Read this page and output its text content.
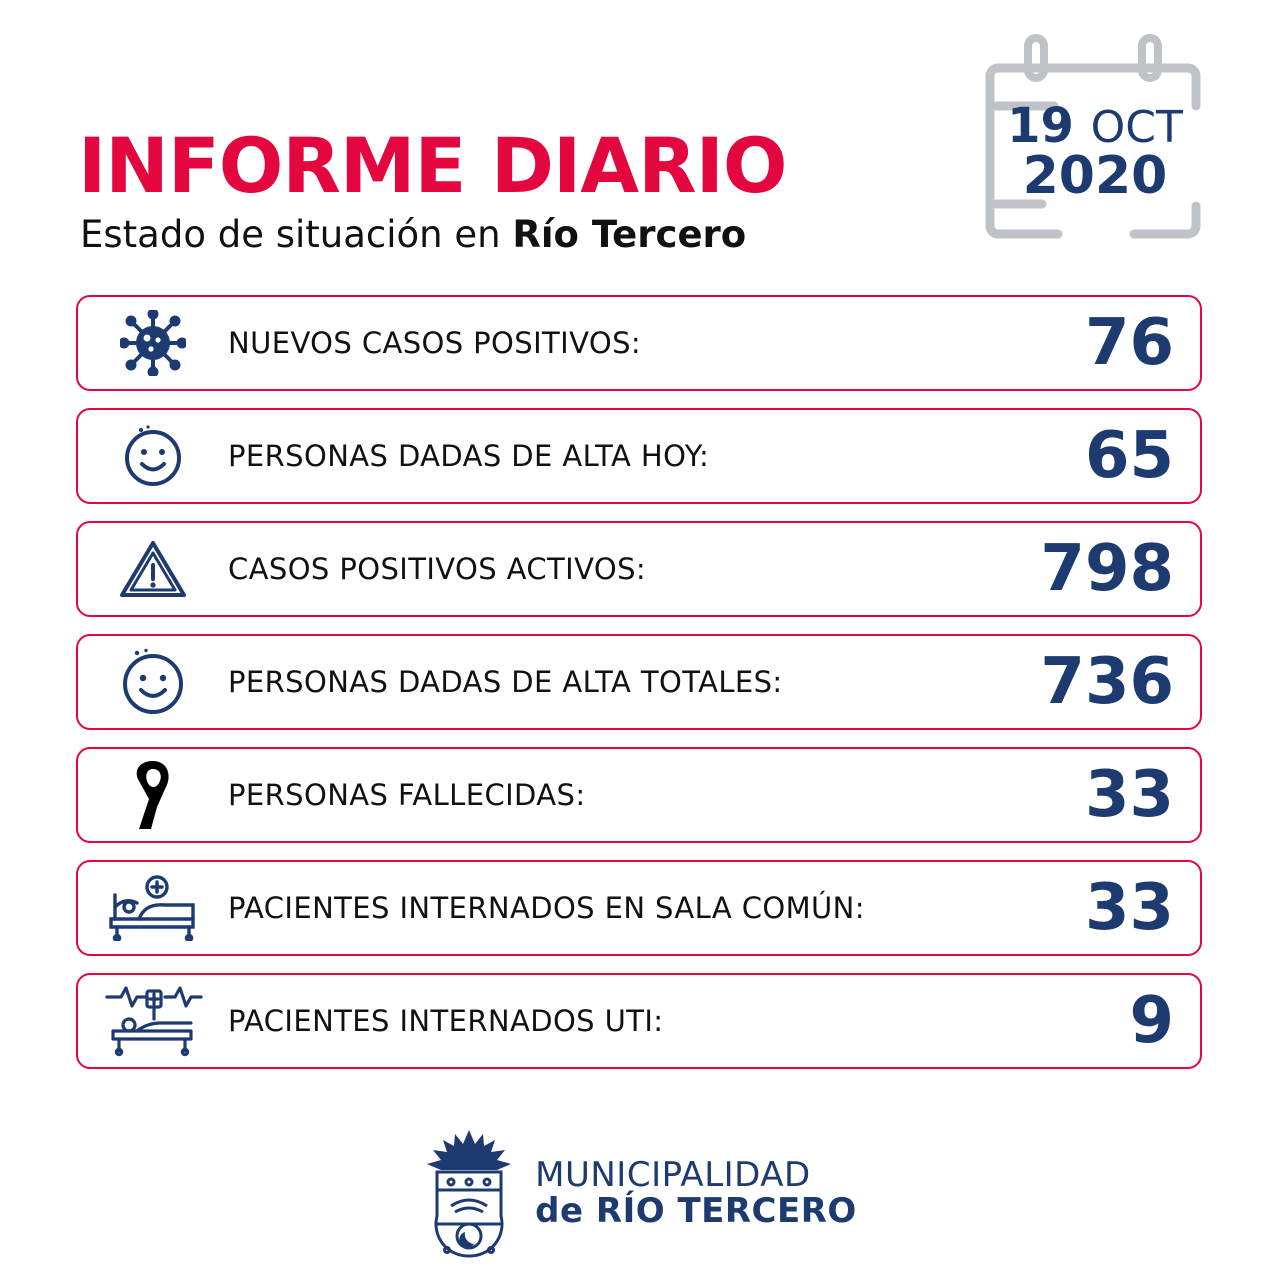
INFORME DIARIO
Estado de situación en Río Tercero
19 OCT
2020
NUEVOS CASOS POSITIVOS:	76
PERSONAS DADAS DE ALTA HOY:	65
CASOS POSITIVOS ACTIVOS:	798
PERSONAS DADAS DE ALTA TOTALES:	736
PERSONAS FALLECIDAS:	33
PACIENTES INTERNADOS EN SALA COMÚN:	33
PACIENTES INTERNADOS UTI:	9
MUNICIPALIDAD
de RÍO TERCERO
